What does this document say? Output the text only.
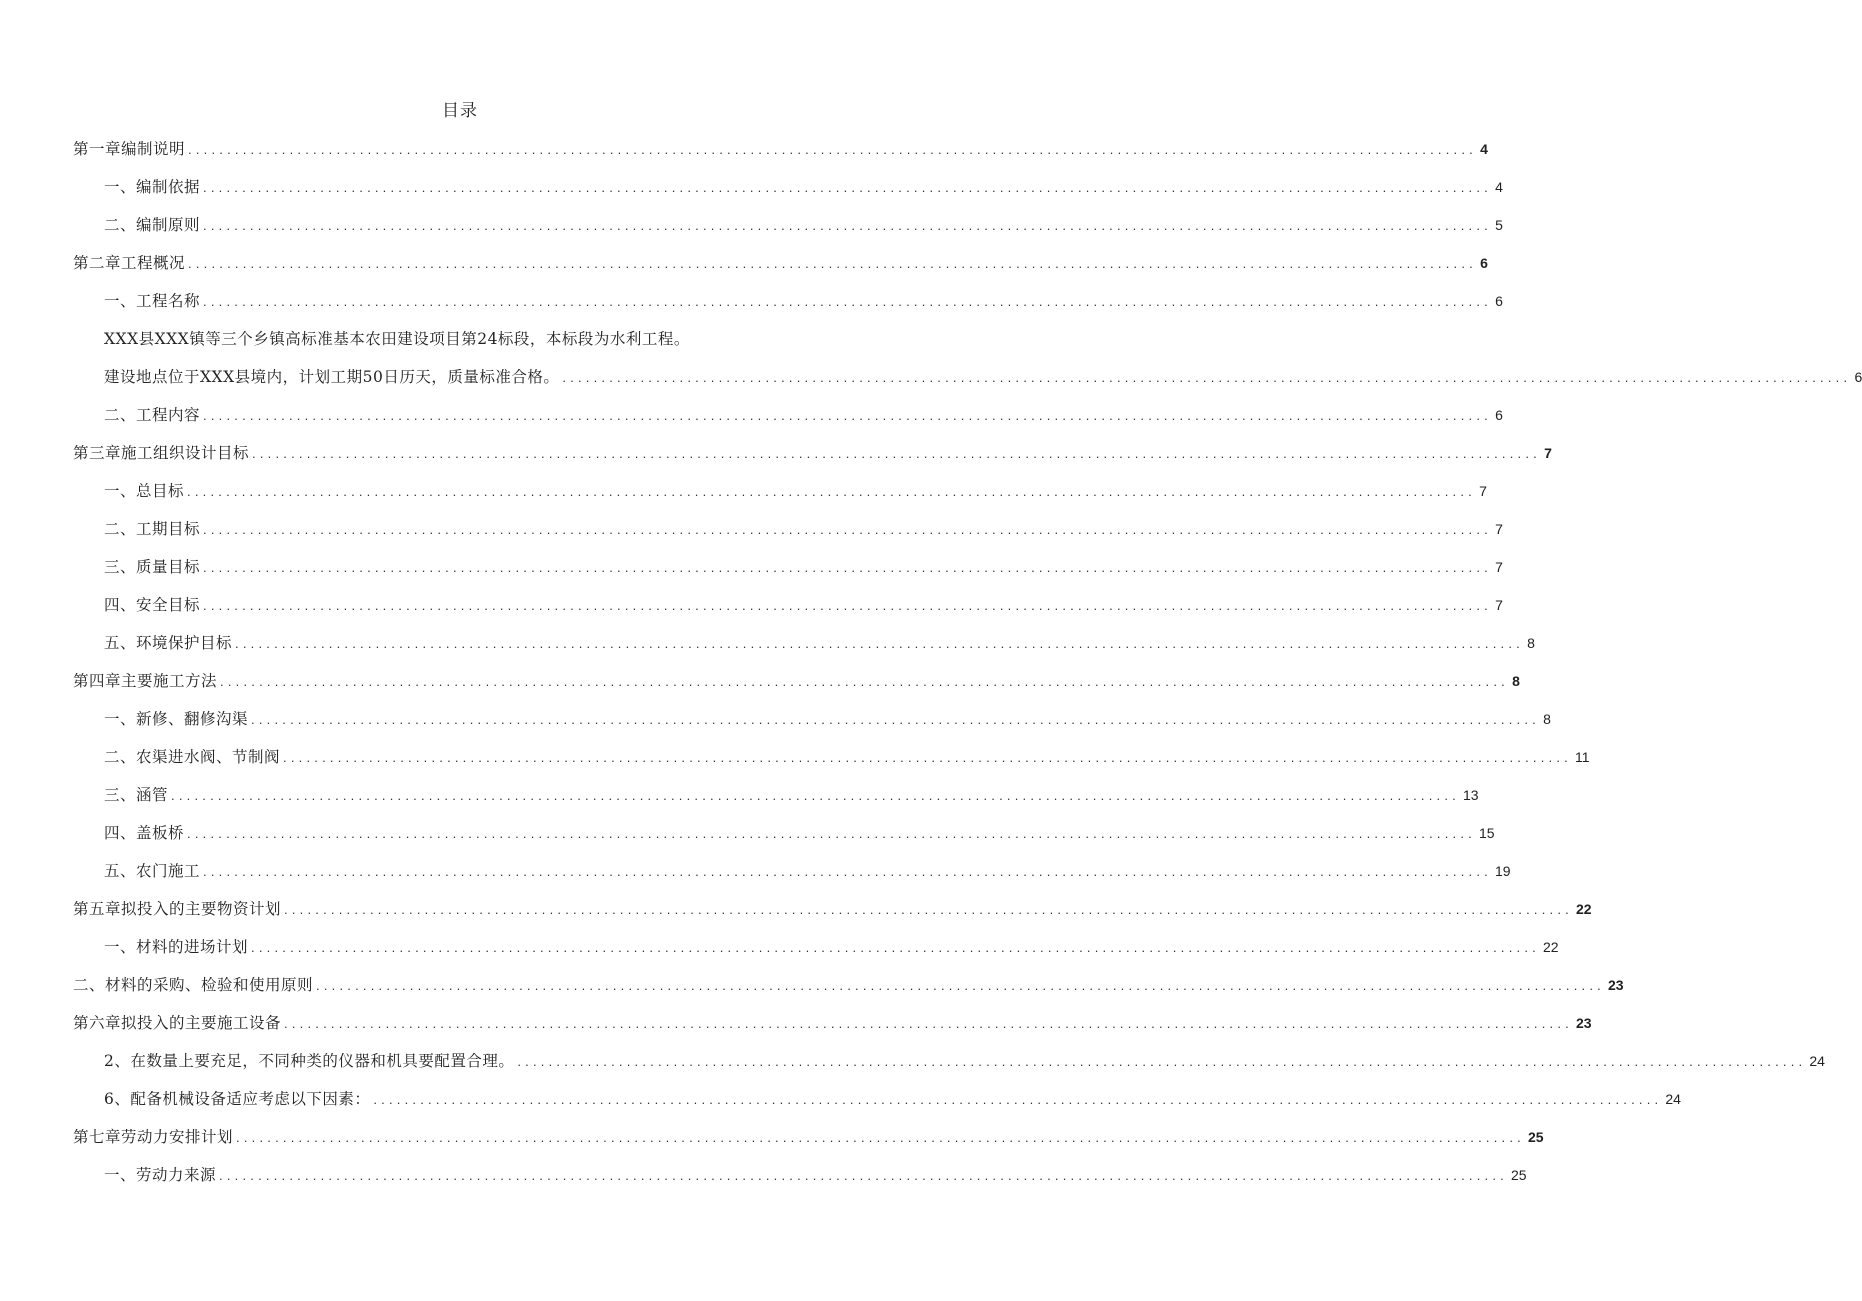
目录
第一章编制说明 ..................................................................................................................................................................... 4
一、编制依据 ..................................................................................................................................................................... 4
二、编制原则 ..................................................................................................................................................................... 5
第二章工程概况 ..................................................................................................................................................................... 6
一、工程名称 ..................................................................................................................................................................... 6
XXX县XXX镇等三个乡镇高标准基本农田建设项目第24标段，本标段为水利工程。
建设地点位于XXX县境内，计划工期50日历天，质量标准合格。 ..................................................................................................................................................................... 6
二、工程内容 ..................................................................................................................................................................... 6
第三章施工组织设计目标 ..................................................................................................................................................................... 7
一、总目标 ..................................................................................................................................................................... 7
二、工期目标 ..................................................................................................................................................................... 7
三、质量目标 ..................................................................................................................................................................... 7
四、安全目标 ..................................................................................................................................................................... 7
五、环境保护目标 ..................................................................................................................................................................... 8
第四章主要施工方法 ..................................................................................................................................................................... 8
一、新修、翻修沟渠 ..................................................................................................................................................................... 8
二、农渠进水阀、节制阀 ..................................................................................................................................................................... 11
三、涵管 ..................................................................................................................................................................... 13
四、盖板桥 ..................................................................................................................................................................... 15
五、农门施工 ..................................................................................................................................................................... 19
第五章拟投入的主要物资计划 ..................................................................................................................................................................... 22
一、材料的进场计划 ..................................................................................................................................................................... 22
二、材料的采购、检验和使用原则 ..................................................................................................................................................................... 23
第六章拟投入的主要施工设备 ..................................................................................................................................................................... 23
2、在数量上要充足，不同种类的仪器和机具要配置合理。 ..................................................................................................................................................................... 24
6、配备机械设备适应考虑以下因素： ..................................................................................................................................................................... 24
第七章劳动力安排计划 ..................................................................................................................................................................... 25
一、劳动力来源 ..................................................................................................................................................................... 25
